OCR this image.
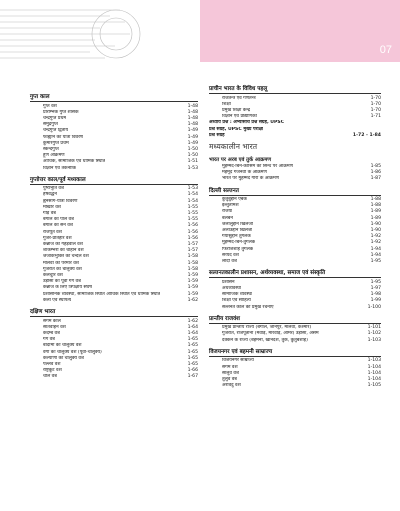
07
गुप्त काल
गुप्त वंश	1-48
प्रारम्भिक गुप्त शासक	1-48
चन्द्रगुप्त प्रथम	1-48
समुद्रगुप्त	1-48
चन्द्रगुप्त द्वितीय	1-49
फाह्यान का यात्रा विवरण	1-49
कुमारगुप्त प्रथम	1-49
स्कन्दगुप्त	1-50
हूण आक्रमण	1-50
आर्थिक, सामाजिक एवं धार्मिक स्थिति	1-51
विज्ञान एवं तकनीकि	1-53
गुप्तोत्तर काल/पूर्व मध्यकाल
पुष्यभूति वंश	1-53
हर्षवर्द्धन	1-54
ह्वेनसांग-यात्रा विवरण	1-54
मौखरि वंश	1-55
गौड़ वंश	1-55
बंगाल का पाल वंश	1-55
बंगाल का सेन वंश	1-56
राजपूत वंश	1-56
गुर्जर-प्रतिहार वंश	1-56
कन्नौज का गहड़वाल वंश	1-57
शाकम्भरी का चौहान वंश	1-57
जेजाकभुक्ति का चन्देल वंश	1-58
मालवा का परमार वंश	1-58
गुजरात का चालुक्य वंश	1-58
कलचुरि वंश	1-59
उड़ीसा का पूर्वी गंग वंश	1-59
कन्नौज के लिए त्रिपक्षीय संघर्ष	1-59
प्रशासनिक व्यवस्था, सामाजिक स्थिति आर्थिक स्थिति एवं धार्मिक स्थिति	1-59
कला एवं स्थापत्य	1-62
दक्षिण भारत
संगम काल	1-62
सातवाहन वंश	1-64
कदम्ब वंश	1-64
गंग वंश	1-65
बादामी का चालुक्य वंश	1-65
वेंगी का चालुक्य वंश (पूर्वी-चालुक्य)	1-65
कल्याणी का चालुक्य वंश	1-65
पल्लव वंश	1-65
राष्ट्रकूट वंश	1-66
चोल वंश	1-67
प्राचीन भारत के विविध पहलू
राजतन्त्र एवं गणतन्त्र	1-70
शिक्षा	1-70
प्रमुख शिक्षा केन्द्र	1-70
विज्ञान एवं प्रौद्योगिकी	1-71
अध्याय प्रश्न : अभ्यासार्थ प्रश्न संग्रह, UPSC
प्रश्न संग्रह, UPSC मुख्य परीक्षा
प्रश्न संग्रह	1-72 - 1-84
मध्यकालीन भारत
भारत पर अरब एवं तुर्क आक्रमण
मुहम्मद-बिन-कासिम का सिन्ध पर आक्रमण	1-85
महमूद गजनवी के आक्रमण	1-86
भारत पर मुहम्मद गोरी के आक्रमण	1-87
दिल्ली सल्तनत
कुतुबुद्दीन ऐबक	1-88
इल्तुतमिश	1-88
रजिया	1-89
बलबन	1-89
जलालुद्दीन खिलजी	1-90
अलाउद्दीन खिलजी	1-90
गयासुद्दीन तुगलक	1-92
मुहम्मद-बिन-तुगलक	1-92
फिरोजशाह तुगलक	1-94
सैय्यद वंश	1-94
लोदी वंश	1-95
सल्तनतकालीन प्रशासन, अर्थव्यवस्था, समाज एवं संस्कृति
प्रशासन	1-95
अर्थव्यवस्था	1-97
सामाजिक व्यवस्था	1-98
शिक्षा एवं साहित्य	1-99
सल्तनत काल की प्रमुख रचनाएँ	1-100
प्रान्तीय राजवंश
प्रमुख प्रान्तीय राज्य (बंगाल, जौनपुर, मालवा, कश्मीर)	1-101
गुजरात, राजपूताना (मेवाड़, मारवाड़, आमेर) उड़ीसा, असम	1-102
दक्कन के राज्य (बहमनी, खानदेश, तुर्क, कुतुबशाह)	1-103
विजयनगर एवं बहमनी साम्राज्य
विजयनगर साम्राज्य	1-103
संगम वंश	1-104
सालुव वंश	1-104
तुलुव वंश	1-104
अरविदु वंश	1-105
